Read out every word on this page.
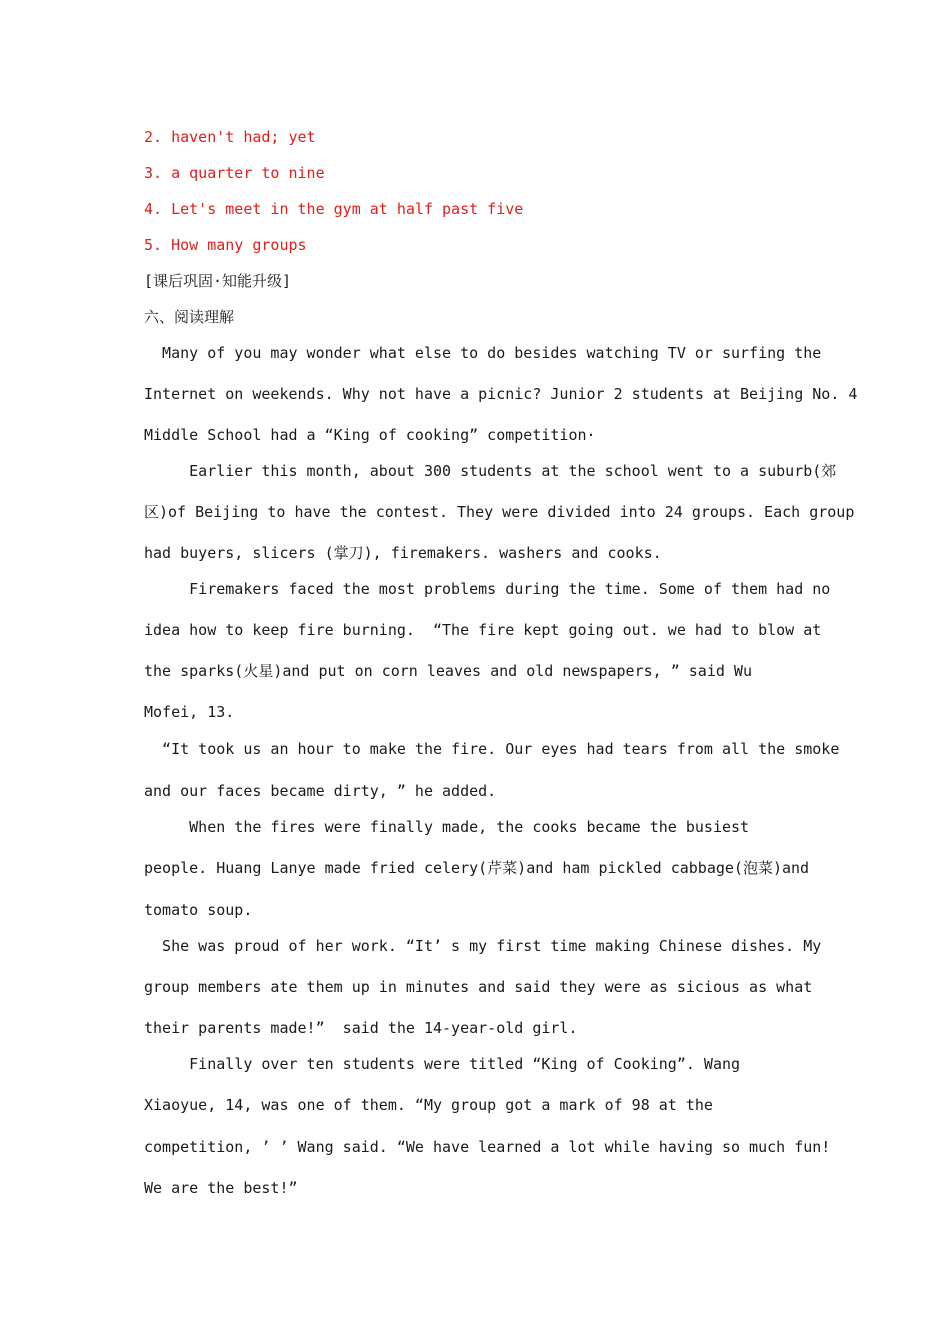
2. haven't had; yet
3. a quarter to nine
4. Let's meet in the gym at half past five
5. How many groups
[课后巩固·知能升级]
六、阅读理解
Many of you may wonder what else to do besides watching TV or surfing the
Internet on weekends. Why not have a picnic? Junior 2 students at Beijing No. 4
Middle School had a “King of cooking” competition·
Earlier this month, about 300 students at the school went to a suburb(郊
区)of Beijing to have the contest. They were divided into 24 groups. Each group
had buyers, slicers (掌刀), firemakers. washers and cooks.
Firemakers faced the most problems during the time. Some of them had no
idea how to keep fire burning.  “The fire kept going out. we had to blow at
the sparks(火星)and put on corn leaves and old newspapers, ” said Wu
Mofei, 13.
“It took us an hour to make the fire. Our eyes had tears from all the smoke
and our faces became dirty, ” he added.
When the fires were finally made, the cooks became the busiest
people. Huang Lanye made fried celery(芹菜)and ham pickled cabbage(泡菜)and
tomato soup.
She was proud of her work. “It’ s my first time making Chinese dishes. My
group members ate them up in minutes and said they were as sicious as what
their parents made!”  said the 14-year-old girl.
Finally over ten students were titled “King of Cooking”. Wang
Xiaoyue, 14, was one of them. “My group got a mark of 98 at the
competition, ’ ’ Wang said. “We have learned a lot while having so much fun!
We are the best!”
